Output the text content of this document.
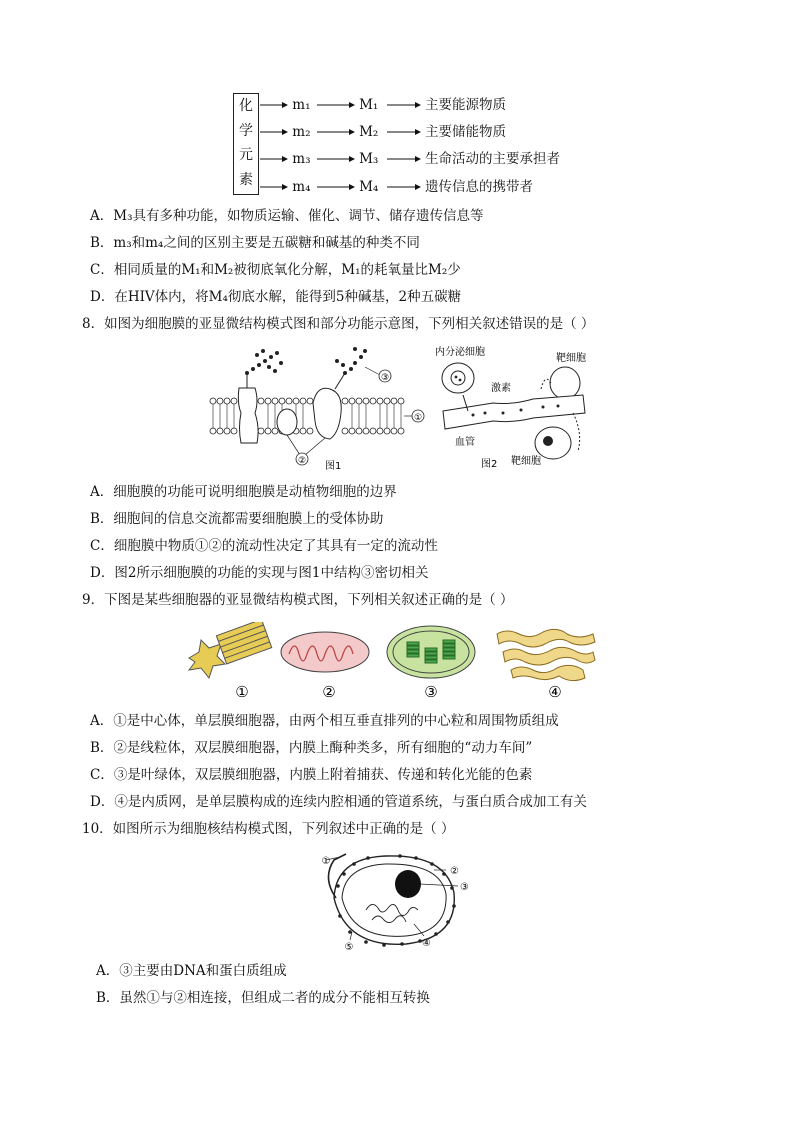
化
学
元
素
m₁	M₁	主要能源物质
m₂	M₂	主要储能物质
m₃	M₃	生命活动的主要承担者
m₄	M₄	遗传信息的携带者
A．M₃具有多种功能，如物质运输、催化、调节、储存遗传信息等
B．m₃和m₄之间的区别主要是五碳糖和碱基的种类不同
C．相同质量的M₁和M₂被彻底氧化分解，M₁的耗氧量比M₂少
D．在HIV体内，将M₄彻底水解，能得到5种碱基，2种五碳糖
8．如图为细胞膜的亚显微结构模式图和部分功能示意图，下列相关叙述错误的是（ ）
③
①
② 图1
内分泌细胞
靶细胞
激素
血管
靶细胞
图2
A．细胞膜的功能可说明细胞膜是动植物细胞的边界
B．细胞间的信息交流都需要细胞膜上的受体协助
C．细胞膜中物质①②的流动性决定了其具有一定的流动性
D．图2所示细胞膜的功能的实现与图1中结构③密切相关
9．下图是某些细胞器的亚显微结构模式图，下列相关叙述正确的是（ ）
①	②	③	④
A．①是中心体，单层膜细胞器，由两个相互垂直排列的中心粒和周围物质组成
B．②是线粒体，双层膜细胞器，内膜上酶种类多，所有细胞的“动力车间”
C．③是叶绿体，双层膜细胞器，内膜上附着捕获、传递和转化光能的色素
D．④是内质网，是单层膜构成的连续内腔相通的管道系统，与蛋白质合成加工有关
10．如图所示为细胞核结构模式图，下列叙述中正确的是（ ）
①
②
③
④
⑤
A．③主要由DNA和蛋白质组成
B．虽然①与②相连接，但组成二者的成分不能相互转换
